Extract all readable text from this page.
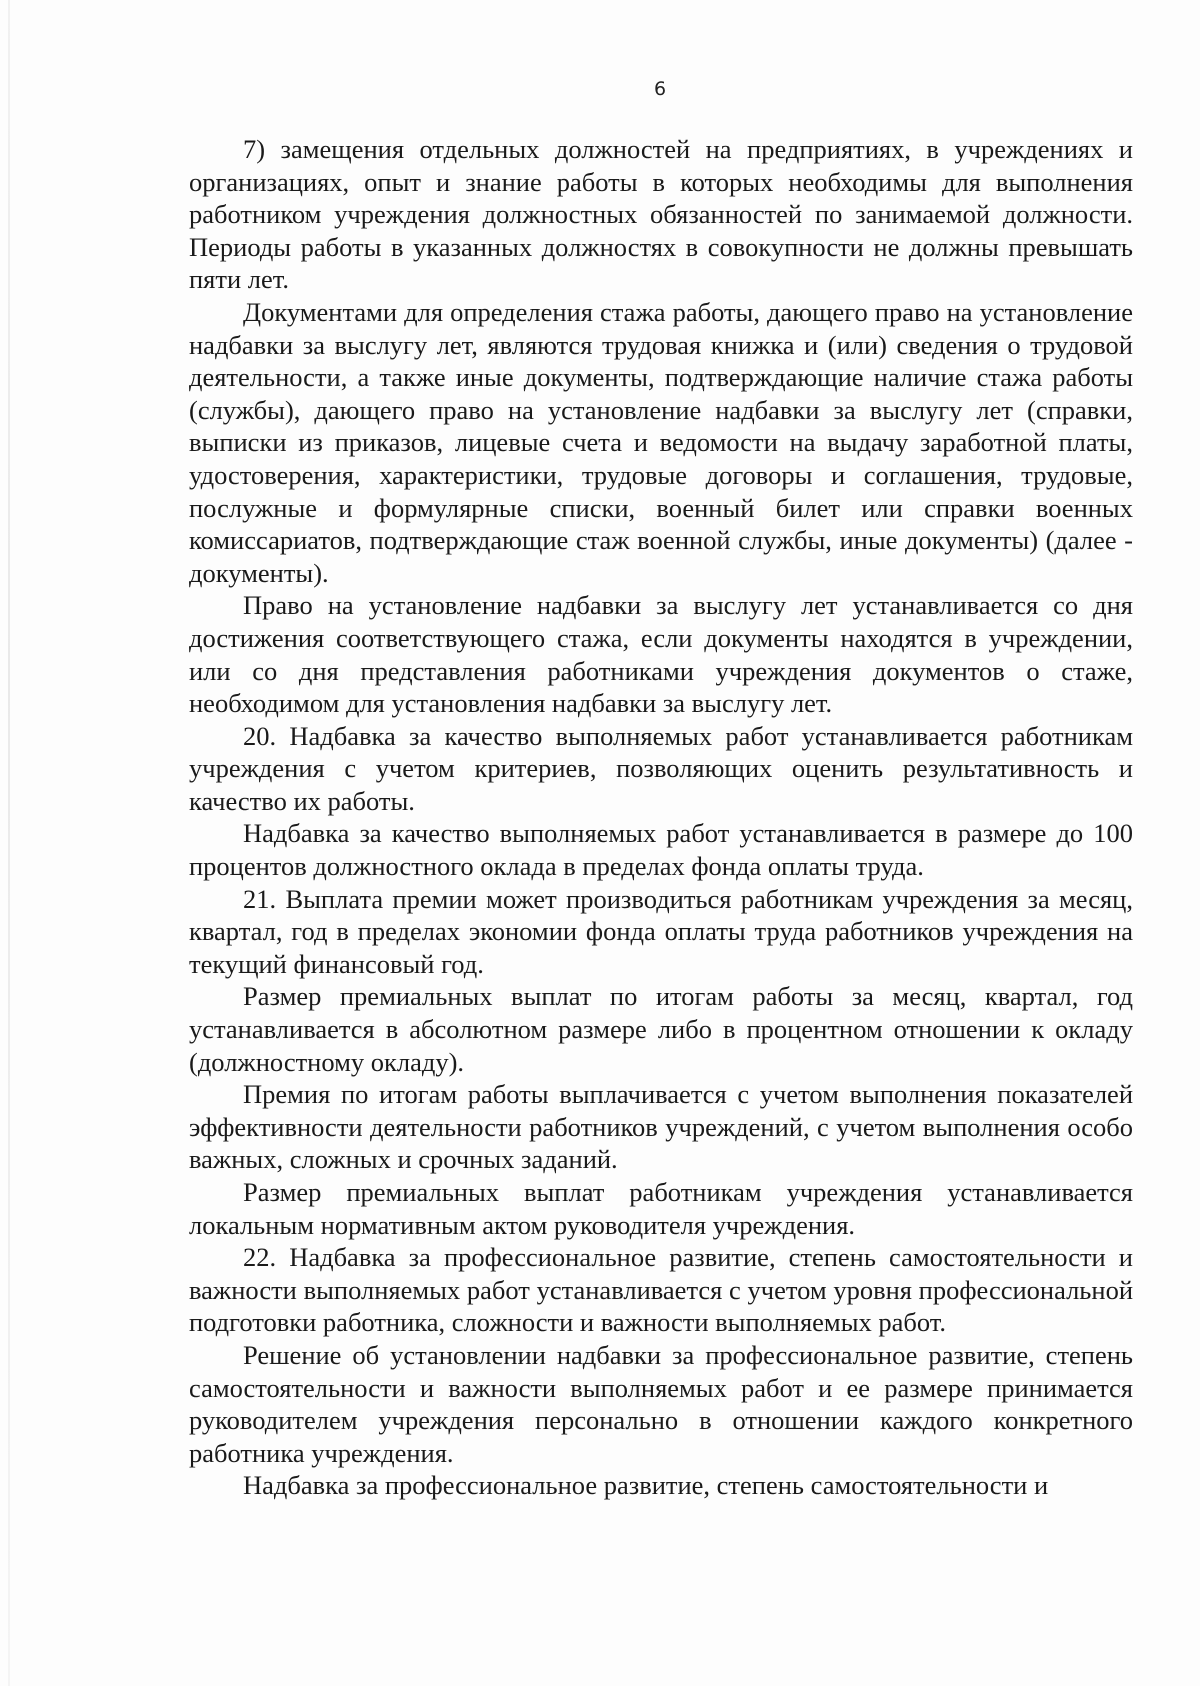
6

7) замещения отдельных должностей на предприятиях, в учреждениях и организациях, опыт и знание работы в которых необходимы для выполнения работником учреждения должностных обязанностей по занимаемой должности. Периоды работы в указанных должностях в совокупности не должны превышать пяти лет.

Документами для определения стажа работы, дающего право на установление надбавки за выслугу лет, являются трудовая книжка и (или) сведения о трудовой деятельности, а также иные документы, подтверждающие наличие стажа работы (службы), дающего право на установление надбавки за выслугу лет (справки, выписки из приказов, лицевые счета и ведомости на выдачу заработной платы, удостоверения, характеристики, трудовые договоры и соглашения, трудовые, послужные и формулярные списки, военный билет или справки военных комиссариатов, подтверждающие стаж военной службы, иные документы) (далее - документы).

Право на установление надбавки за выслугу лет устанавливается со дня достижения соответствующего стажа, если документы находятся в учреждении, или со дня представления работниками учреждения документов о стаже, необходимом для установления надбавки за выслугу лет.

20. Надбавка за качество выполняемых работ устанавливается работникам учреждения с учетом критериев, позволяющих оценить результативность и качество их работы.

Надбавка за качество выполняемых работ устанавливается в размере до 100 процентов должностного оклада в пределах фонда оплаты труда.

21. Выплата премии может производиться работникам учреждения за месяц, квартал, год в пределах экономии фонда оплаты труда работников учреждения на текущий финансовый год.

Размер премиальных выплат по итогам работы за месяц, квартал, год устанавливается в абсолютном размере либо в процентном отношении к окладу (должностному окладу).

Премия по итогам работы выплачивается с учетом выполнения показателей эффективности деятельности работников учреждений, с учетом выполнения особо важных, сложных и срочных заданий.

Размер премиальных выплат работникам учреждения устанавливается локальным нормативным актом руководителя учреждения.

22. Надбавка за профессиональное развитие, степень самостоятельности и важности выполняемых работ устанавливается с учетом уровня профессиональной подготовки работника, сложности и важности выполняемых работ.

Решение об установлении надбавки за профессиональное развитие, степень самостоятельности и важности выполняемых работ и ее размере принимается руководителем учреждения персонально в отношении каждого конкретного работника учреждения.

Надбавка за профессиональное развитие, степень самостоятельности и
